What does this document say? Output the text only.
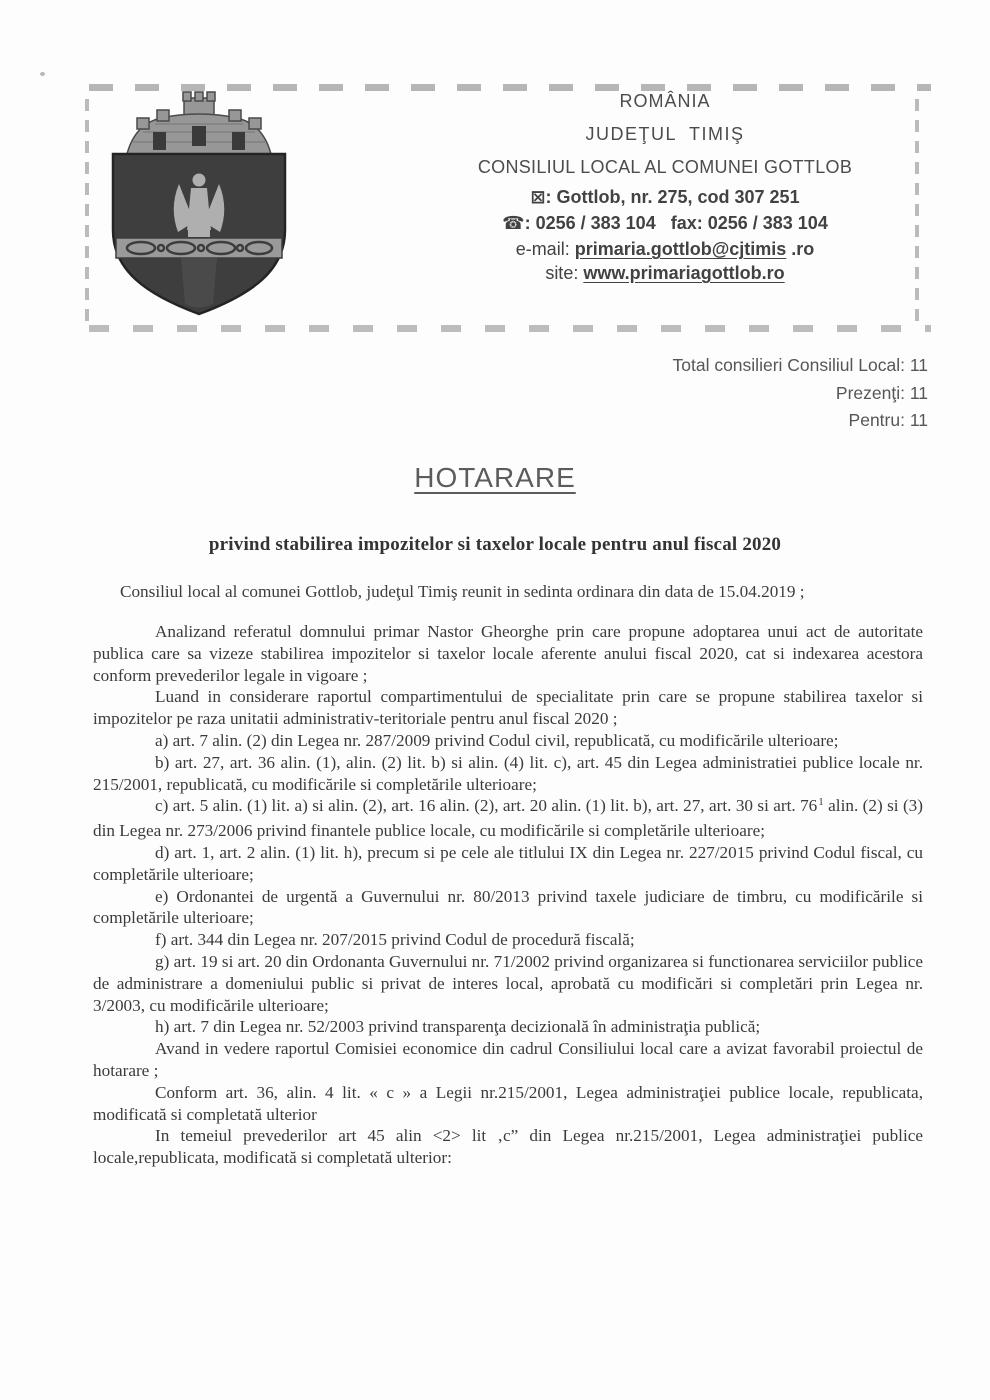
ROMÂNIA
JUDEŢUL  TIMIŞ
CONSILIUL LOCAL AL COMUNEI GOTTLOB
⊠: Gottlob, nr. 275, cod 307 251
☎: 0256 / 383 104   fax: 0256 / 383 104
e-mail: primaria.gottlob@cjtimis .ro
site: www.primariagottlob.ro
Total consilieri Consiliul Local: 11
Prezenţi: 11
Pentru: 11
HOTARARE
privind stabilirea impozitelor si taxelor locale pentru anul fiscal 2020
Consiliul local al comunei Gottlob, judeţul Timiş reunit in sedinta ordinara din data de 15.04.2019 ;

Analizand referatul domnului primar Nastor Gheorghe prin care propune adoptarea unui act de autoritate publica care sa vizeze stabilirea impozitelor si taxelor locale aferente anului fiscal 2020, cat si indexarea acestora conform prevederilor legale in vigoare ;

Luand in considerare raportul compartimentului de specialitate prin care se propune stabilirea taxelor si impozitelor pe raza unitatii administrativ-teritoriale pentru anul fiscal 2020 ;

a) art. 7 alin. (2) din Legea nr. 287/2009 privind Codul civil, republicată, cu modificările ulterioare;

b) art. 27, art. 36 alin. (1), alin. (2) lit. b) si alin. (4) lit. c), art. 45 din Legea administratiei publice locale nr. 215/2001, republicată, cu modificările si completările ulterioare;

c) art. 5 alin. (1) lit. a) si alin. (2), art. 16 alin. (2), art. 20 alin. (1) lit. b), art. 27, art. 30 si art. $76^1$ alin. (2) si (3) din Legea nr. 273/2006 privind finantele publice locale, cu modificările si completările ulterioare;

d) art. 1, art. 2 alin. (1) lit. h), precum si pe cele ale titlului IX din Legea nr. 227/2015 privind Codul fiscal, cu completările ulterioare;

e) Ordonantei de urgentă a Guvernului nr. 80/2013 privind taxele judiciare de timbru, cu modificările si completările ulterioare;

f) art. 344 din Legea nr. 207/2015 privind Codul de procedură fiscală;

g) art. 19 si art. 20 din Ordonanta Guvernului nr. 71/2002 privind organizarea si functionarea serviciilor publice de administrare a domeniului public si privat de interes local, aprobată cu modificări si completări prin Legea nr. 3/2003, cu modificările ulterioare;

h) art. 7 din Legea nr. 52/2003 privind transparenţa decizională în administraţia publică;

Avand in vedere raportul Comisiei economice din cadrul Consiliului local care a avizat favorabil proiectul de hotarare ;

Conform art. 36, alin. 4 lit. « c » a Legii nr.215/2001, Legea administraţiei publice locale, republicata, modificată si completată ulterior

In temeiul prevederilor art 45 alin <2> lit ‚c” din Legea nr.215/2001, Legea administraţiei publice locale,republicata, modificată si completată ulterior:
